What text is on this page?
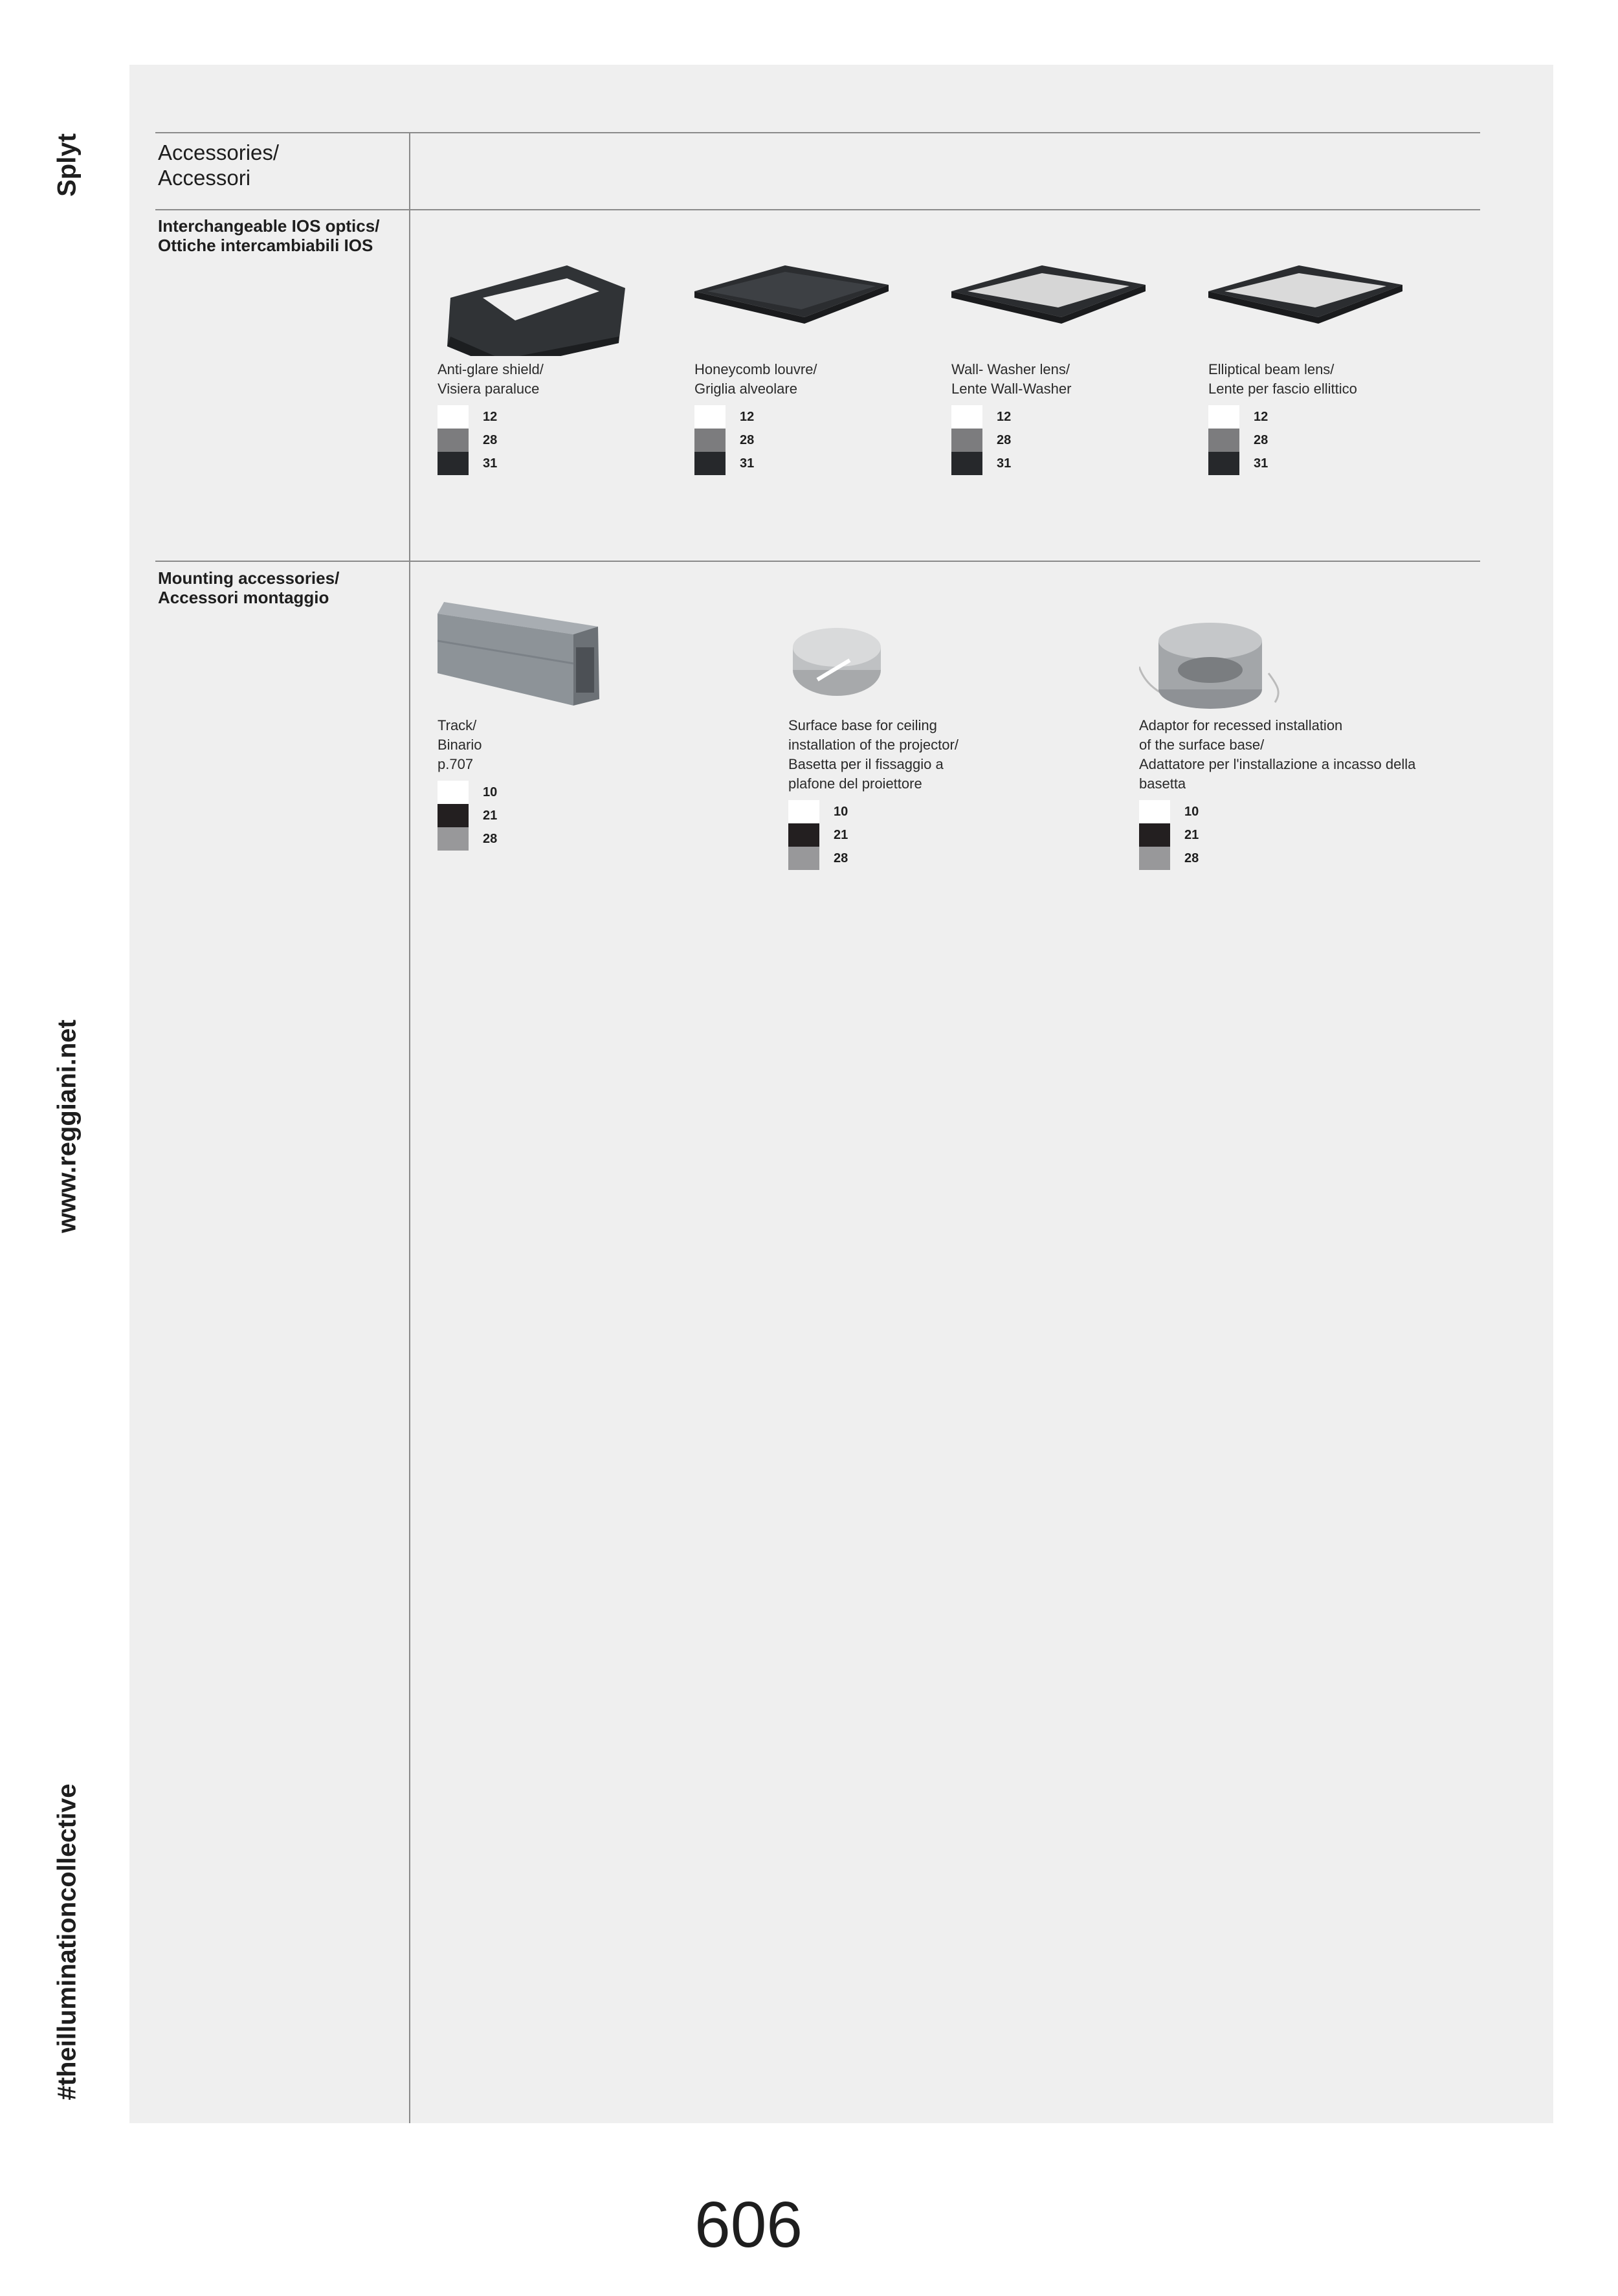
Splyt
www.reggiani.net
#theilluminationcollective
Accessories/
Accessori
Interchangeable IOS optics/
Ottiche intercambiabili IOS
Mounting accessories/
Accessori montaggio
Anti-glare shield/
Visiera paraluce
12
28
31
Honeycomb louvre/
Griglia alveolare
12
28
31
Wall- Washer lens/
Lente Wall-Washer
12
28
31
Elliptical beam lens/
Lente per fascio ellittico
12
28
31
Track/
Binario
p.707
10
21
28
Surface base for ceiling
installation of the projector/
Basetta per il fissaggio a
plafone del proiettore
10
21
28
Adaptor for recessed installation
of the surface base/
Adattatore per l'installazione a incasso della
basetta
10
21
28
606
